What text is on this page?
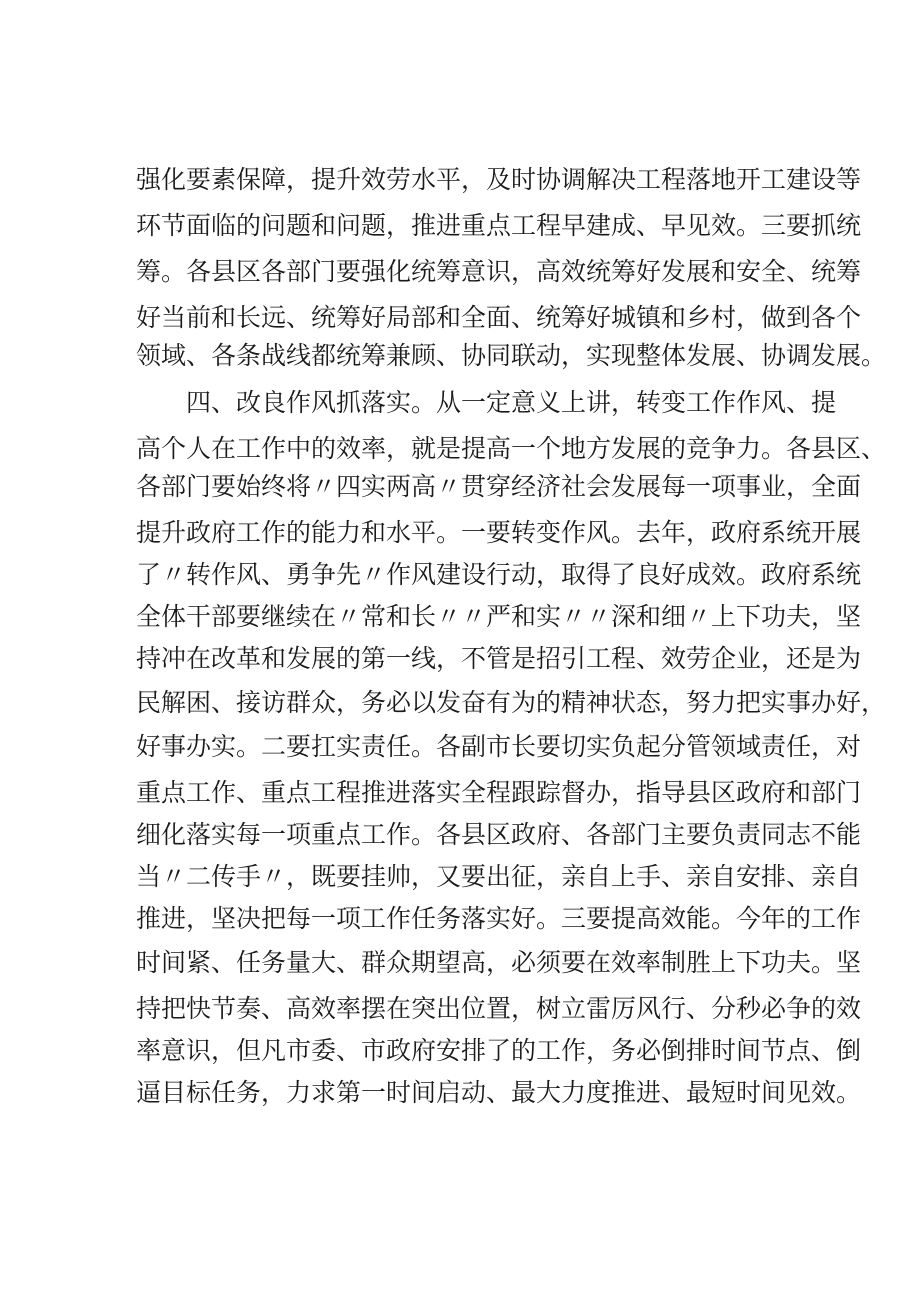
强化要素保障，提升效劳水平，及时协调解决工程落地开工建设等
环节面临的问题和问题，推进重点工程早建成、早见效。三要抓统
筹。各县区各部门要强化统筹意识，高效统筹好发展和安全、统筹
好当前和长远、统筹好局部和全面、统筹好城镇和乡村，做到各个
领域、各条战线都统筹兼顾、协同联动，实现整体发展、协调发展。
四、改良作风抓落实。从一定意义上讲，转变工作作风、提
高个人在工作中的效率，就是提高一个地方发展的竞争力。各县区、
各部门要始终将〃四实两高〃贯穿经济社会发展每一项事业，全面
提升政府工作的能力和水平。一要转变作风。去年，政府系统开展
了〃转作风、勇争先〃作风建设行动，取得了良好成效。政府系统
全体干部要继续在〃常和长〃〃严和实〃〃深和细〃上下功夫，坚
持冲在改革和发展的第一线，不管是招引工程、效劳企业，还是为
民解困、接访群众，务必以发奋有为的精神状态，努力把实事办好，
好事办实。二要扛实责任。各副市长要切实负起分管领域责任，对
重点工作、重点工程推进落实全程跟踪督办，指导县区政府和部门
细化落实每一项重点工作。各县区政府、各部门主要负责同志不能
当〃二传手〃，既要挂帅，又要出征，亲自上手、亲自安排、亲自
推进，坚决把每一项工作任务落实好。三要提高效能。今年的工作
时间紧、任务量大、群众期望高，必须要在效率制胜上下功夫。坚
持把快节奏、高效率摆在突出位置，树立雷厉风行、分秒必争的效
率意识，但凡市委、市政府安排了的工作，务必倒排时间节点、倒
逼目标任务，力求第一时间启动、最大力度推进、最短时间见效。
